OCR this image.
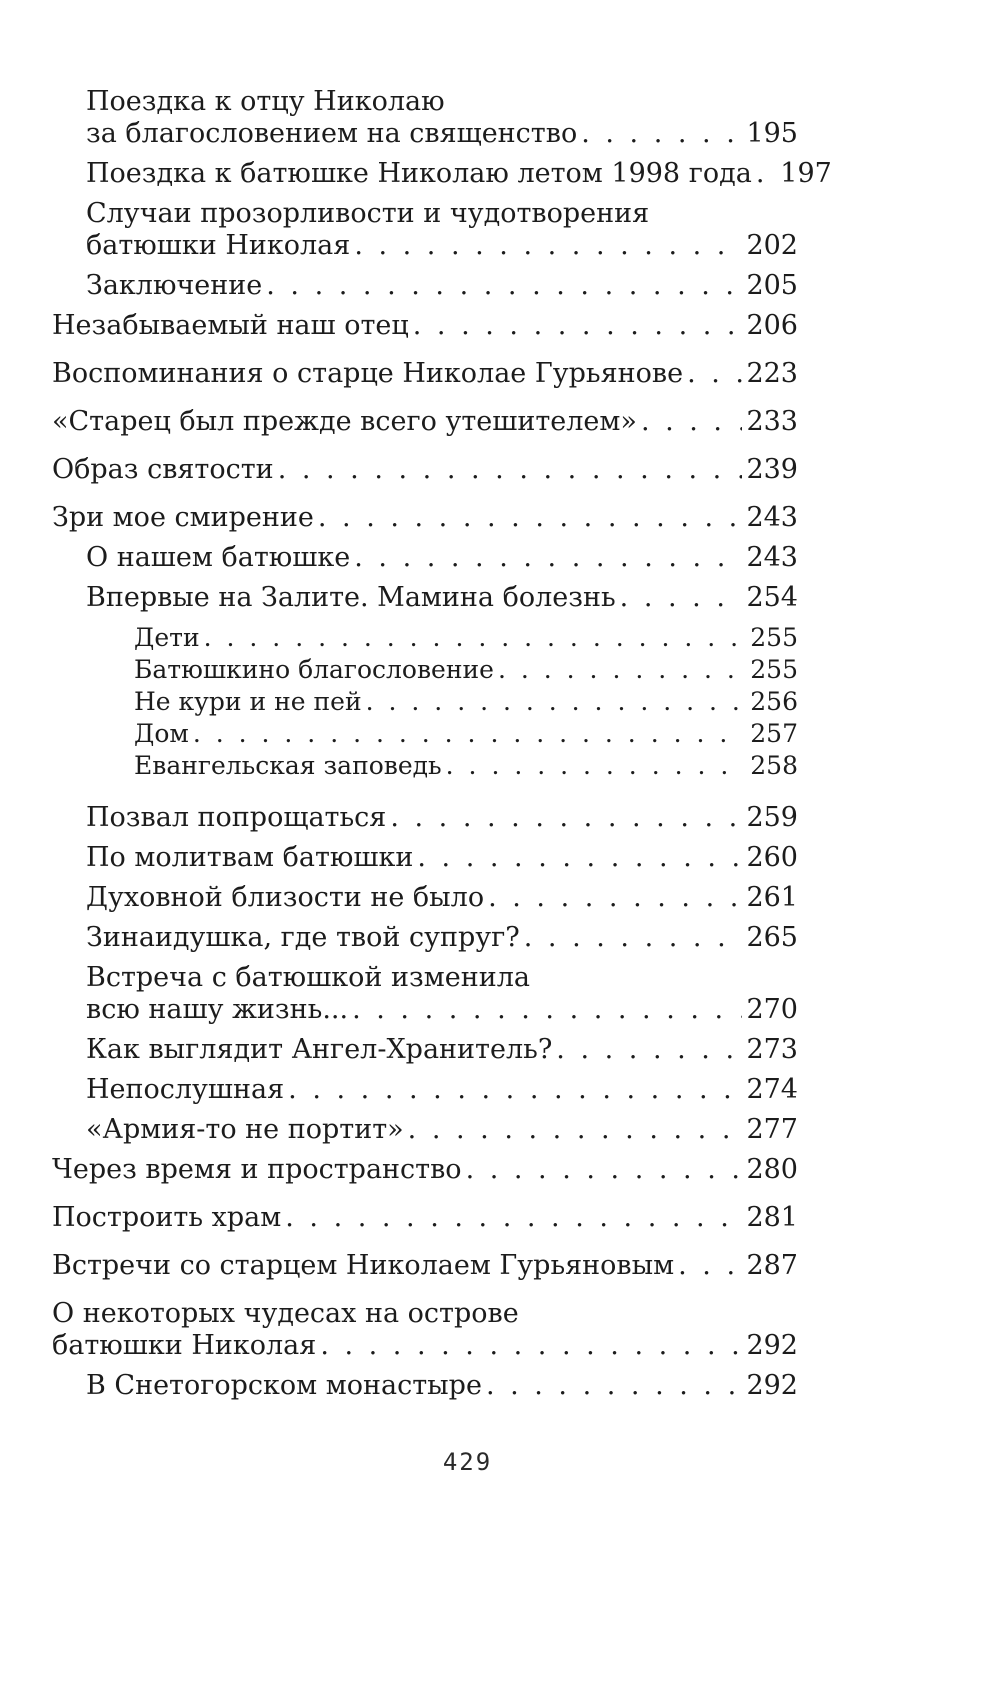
Поездка к отцу Николаю
за благословением на священство . . .	195
Поездка к батюшке Николаю летом 1998 года . . . 197
Случаи прозорливости и чудотворения
батюшки Николая . . .	202
Заключение . . .	205
Незабываемый наш отец . . .	206
Воспоминания о старце Николае Гурьянове . . . 223
«Старец был прежде всего утешителем» . . .	233
Образ святости . . .	239
Зри мое смирение . . .	243
О нашем батюшке . . .	243
Впервые на Залите. Мамина болезнь . . .	254
Дети . . .	255
Батюшкино благословение . . .	255
Не кури и не пей . . .	256
Дом . . .	257
Евангельская заповедь . . .	258
Позвал попрощаться . . .	259
По молитвам батюшки . . .	260
Духовной близости не было . . .	261
Зинаидушка, где твой супруг? . . .	265
Встреча с батюшкой изменила
всю нашу жизнь... . . .	270
Как выглядит Ангел-Хранитель? . . .	273
Непослушная . . .	274
«Армия-то не портит» . . .	277
Через время и пространство . . .	280
Построить храм . . .	281
Встречи со старцем Николаем Гурьяновым . . .	287
О некоторых чудесах на острове
батюшки Николая . . .	292
В Снетогорском монастыре . . .	292
429
